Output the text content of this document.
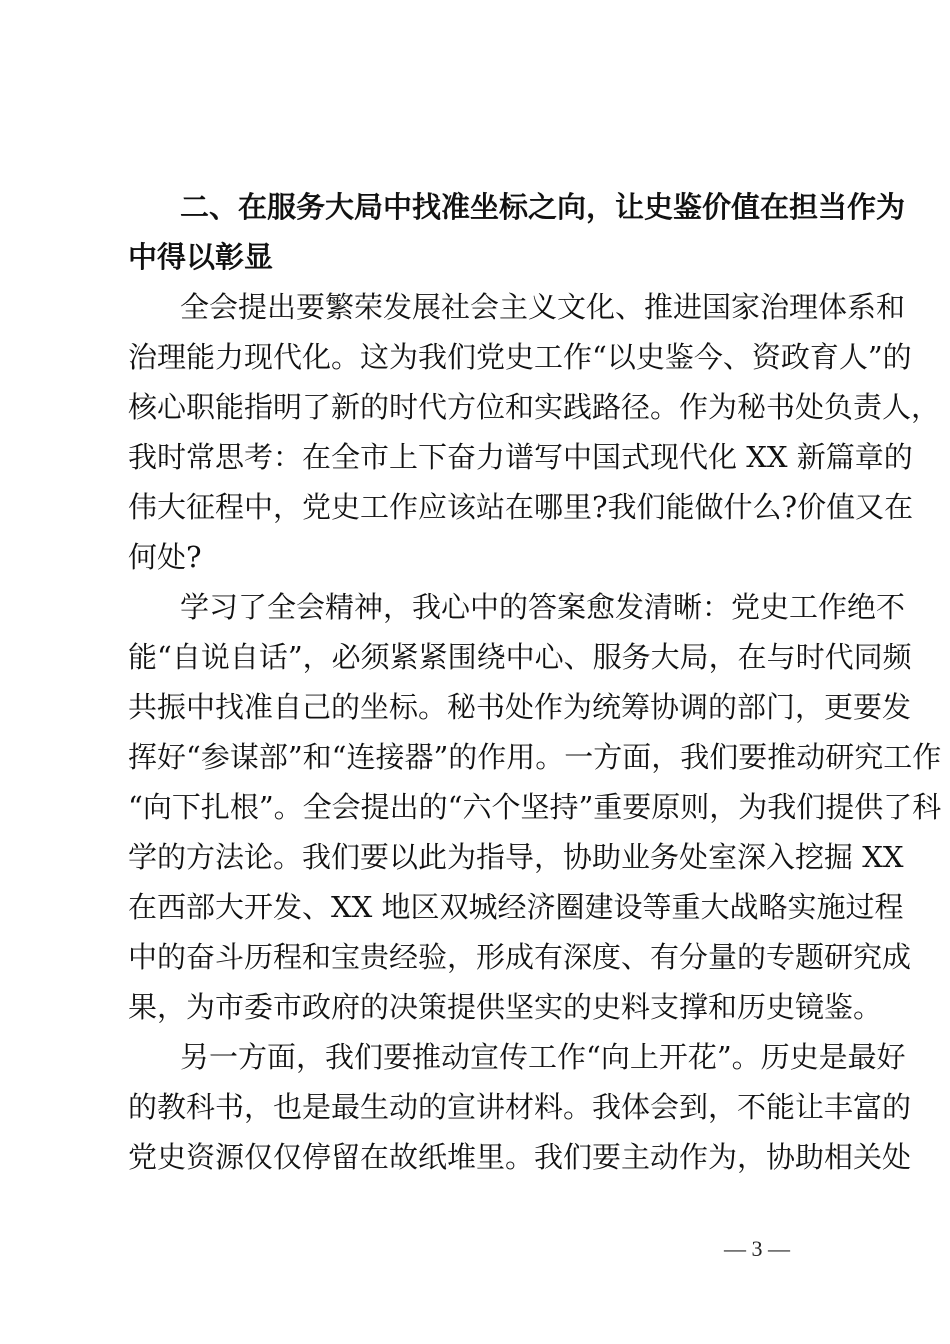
二、在服务大局中找准坐标之向，让史鉴价值在担当作为
中得以彰显
全会提出要繁荣发展社会主义文化、推进国家治理体系和
治理能力现代化。这为我们党史工作“以史鉴今、资政育人”的
核心职能指明了新的时代方位和实践路径。作为秘书处负责人，
我时常思考：在全市上下奋力谱写中国式现代化 XX 新篇章的
伟大征程中，党史工作应该站在哪里?我们能做什么?价值又在
何处?
学习了全会精神，我心中的答案愈发清晰：党史工作绝不
能“自说自话”，必须紧紧围绕中心、服务大局，在与时代同频
共振中找准自己的坐标。秘书处作为统筹协调的部门，更要发
挥好“参谋部”和“连接器”的作用。一方面，我们要推动研究工作
“向下扎根”。全会提出的“六个坚持”重要原则，为我们提供了科
学的方法论。我们要以此为指导，协助业务处室深入挖掘 XX
在西部大开发、XX 地区双城经济圈建设等重大战略实施过程
中的奋斗历程和宝贵经验，形成有深度、有分量的专题研究成
果，为市委市政府的决策提供坚实的史料支撑和历史镜鉴。
另一方面，我们要推动宣传工作“向上开花”。历史是最好
的教科书，也是最生动的宣讲材料。我体会到，不能让丰富的
党史资源仅仅停留在故纸堆里。我们要主动作为，协助相关处
— 3 —
